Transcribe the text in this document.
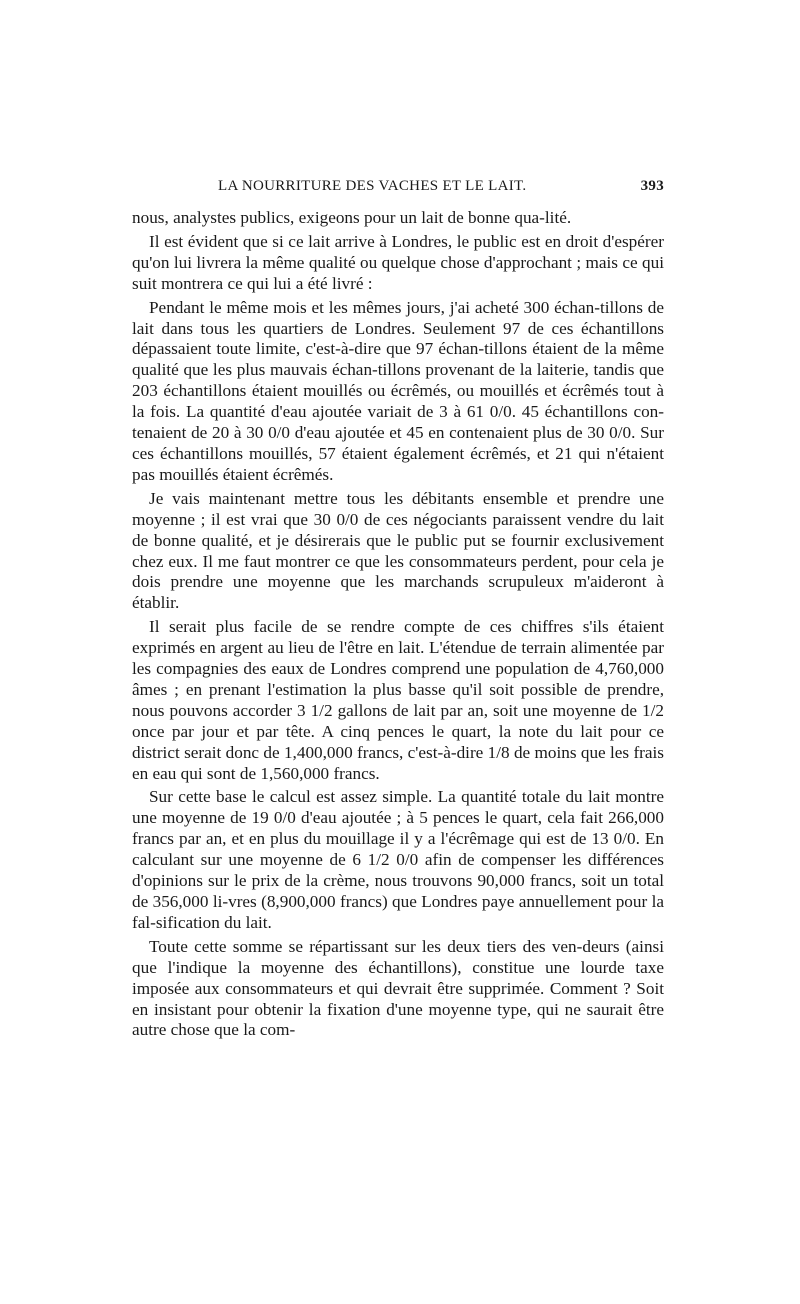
LA NOURRITURE DES VACHES ET LE LAIT.	393

nous, analystes publics, exigeons pour un lait de bonne qua-lité.

Il est évident que si ce lait arrive à Londres, le public est en droit d'espérer qu'on lui livrera la même qualité ou quelque chose d'approchant ; mais ce qui suit montrera ce qui lui a été livré :

Pendant le même mois et les mêmes jours, j'ai acheté 300 échan-tillons de lait dans tous les quartiers de Londres. Seulement 97 de ces échantillons dépassaient toute limite, c'est-à-dire que 97 échan-tillons étaient de la même qualité que les plus mauvais échan-tillons provenant de la laiterie, tandis que 203 échantillons étaient mouillés ou écrêmés, ou mouillés et écrêmés tout à la fois. La quantité d'eau ajoutée variait de 3 à 61 0/0. 45 échantillons con-tenaient de 20 à 30 0/0 d'eau ajoutée et 45 en contenaient plus de 30 0/0. Sur ces échantillons mouillés, 57 étaient également écrêmés, et 21 qui n'étaient pas mouillés étaient écrêmés.

Je vais maintenant mettre tous les débitants ensemble et prendre une moyenne ; il est vrai que 30 0/0 de ces négociants paraissent vendre du lait de bonne qualité, et je désirerais que le public put se fournir exclusivement chez eux. Il me faut montrer ce que les consommateurs perdent, pour cela je dois prendre une moyenne que les marchands scrupuleux m'aideront à établir.

Il serait plus facile de se rendre compte de ces chiffres s'ils étaient exprimés en argent au lieu de l'être en lait. L'étendue de terrain alimentée par les compagnies des eaux de Londres comprend une population de 4,760,000 âmes ; en prenant l'estimation la plus basse qu'il soit possible de prendre, nous pouvons accorder 3 1/2 gallons de lait par an, soit une moyenne de 1/2 once par jour et par tête. A cinq pences le quart, la note du lait pour ce district serait donc de 1,400,000 francs, c'est-à-dire 1/8 de moins que les frais en eau qui sont de 1,560,000 francs.

Sur cette base le calcul est assez simple. La quantité totale du lait montre une moyenne de 19 0/0 d'eau ajoutée ; à 5 pences le quart, cela fait 266,000 francs par an, et en plus du mouillage il y a l'écrêmage qui est de 13 0/0. En calculant sur une moyenne de 6 1/2 0/0 afin de compenser les différences d'opinions sur le prix de la crème, nous trouvons 90,000 francs, soit un total de 356,000 li-vres (8,900,000 francs) que Londres paye annuellement pour la fal-sification du lait.

Toute cette somme se répartissant sur les deux tiers des ven-deurs (ainsi que l'indique la moyenne des échantillons), constitue une lourde taxe imposée aux consommateurs et qui devrait être supprimée. Comment ? Soit en insistant pour obtenir la fixation d'une moyenne type, qui ne saurait être autre chose que la com-
